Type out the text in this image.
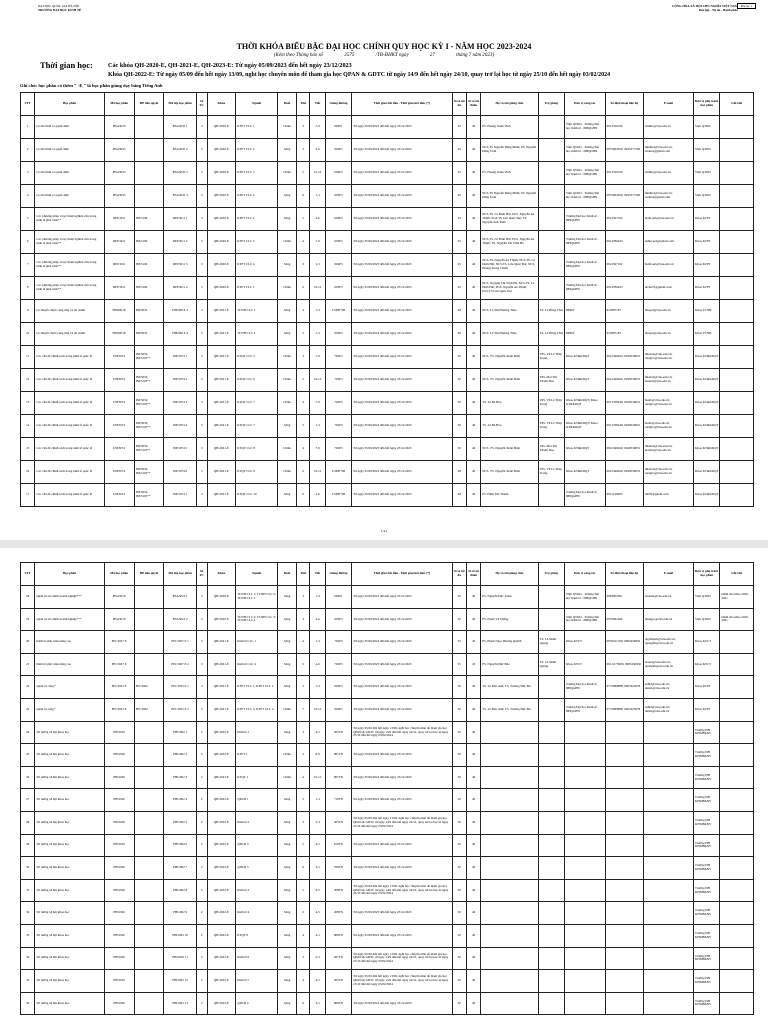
ĐẠI HỌC QUỐC GIA HÀ NỘI
TRƯỜNG ĐẠI HỌC KINH TẾ
CỘNG HÒA XÃ HỘI CHỦ NGHĨA VIỆT NAM
Độc lập - Tự do - Hạnh phúc
Phụ lục 1
THỜI KHÓA BIỂU BẬC ĐẠI HỌC CHÍNH QUY HỌC KỲ I - NĂM HỌC 2023-2024
(Kèm theo Thông báo số	2575	/TB-ĐHKT ngày	27	tháng 7 năm 2023)
Thời gian học: Các khóa QH-2020-E, QH-2021-E, QH-2023-E: Từ ngày 05/09/2023 đến hết ngày 23/12/2023
Khóa QH-2022-E: Từ ngày 05/09 đến hết ngày 13/09, nghỉ học chuyên môn để tham gia học QPAN & GDTC từ ngày 14/9 đến hết ngày 24/10, quay trở lại học từ ngày 25/10 đến hết ngày 03/02/2024
Ghi chú: học phần có thêm " -E " là học phần giảng dạy bằng Tiếng Anh
STT	Học phần	Mã học phần	HP tiên quyết	Mã lớp học phần	Số TC	Khóa	Ngành	Buổi	Thứ	Tiết	Giảng đường	Thời gian bắt đầu - Thời gian kết thúc (*)	Sĩ số tối đa	Sĩ số tối thiểu	Họ và tên giảng viên	Trợ giảng	Đơn vị công tác	Số điện thoại liên hệ	E-mail	Đơn vị phụ trách học phần	Ghi chú
1	Lý mô hình ra quyết định	BSA3035		BSA3035 1	3	QH-2020-E	KTPT CLC 1	Chiều	3	7-9	603E1	Từ ngày 05/09/2023 đến hết ngày 23/12/2023	45	40	PS. Hoàng Xuân Vinh		Viện QTKD - Trường Đại học Kinh tế - ĐHQGHN	0913526190	vinhhx@vnu.edu.vn	Viện QTKD	
2	Lý mô hình ra quyết định	BSA3035		BSA3035 2	3	QH-2020-E	KTPT CLC 2	Sáng	3	4-6	604E5	Từ ngày 05/09/2023 đến hết ngày 23/12/2023	45	40	NCS.TS Nguyễn Đăng Minh; PS. Nguyễn Đăng Toàn		Viện QTKD - Trường Đại học Kinh tế - ĐHQGHN	0975962650; 0945277560	minhnd@vnu.edu.vn; toannd@gmail.com	Viện QTKD	
3	Lý mô hình ra quyết định	BSA3035		BSA3035 3	3	QH-2020-E	KTPT CLC 3	Chiều	5	10-12	604E5	Từ ngày 05/09/2023 đến hết ngày 23/12/2023	45	40	PS. Hoàng Xuân Vinh		Viện QTKD - Trường Đại học Kinh tế - ĐHQGHN	0913526190	vinhhx@vnu.edu.vn	Viện QTKD	
4	Lý mô hình ra quyết định	BSA3035		BSA3035 4	3	QH-2020-E	KTPT CLC 4	Sáng	6	1-3	603E5	Từ ngày 05/09/2023 đến hết ngày 23/12/2023	45	40	NCS.TS Nguyễn Đăng Minh; PS. Nguyễn Đăng Toàn		Viện QTKD - Trường Đại học Kinh tế - ĐHQGHN	0975962650; 0945277560	minhnd@vnu.edu.vn; toannd@gmail.com	Viện QTKD	
5	Các phương pháp và kỹ thuật nghiên cứu trong kinh tế phát triển**	DEE3011	INE3106	DEE3011 1	3	QH-2020-E	KTPT CLC 2	Sáng	5	4-6	604E5	Từ ngày 05/09/2023 đến hết ngày 23/12/2023	45	40	NCS.TS. Lê Đình Hải; PGS. Nguyễn An Thịnh; PGS.TS Lưu Quốc Đạt; TS. Nguyễn Anh Tuấn		Trường Đại học Kinh tế - ĐHQGHN	0912567102	haild.ueb@vnu.edu.vn	Khoa KTPT	
6	Các phương pháp và kỹ thuật nghiên cứu trong kinh tế phát triển**	DEE3011	INE3106	DEE3011 2	3	QH-2020-E	KTPT CLC 3	Chiều	4	7-9	603E5	Từ ngày 05/09/2023 đến hết ngày 23/12/2023	45	40	NCS.TS. Lê Đình Hải; PGS. Nguyễn An Thịnh; TS. Nguyễn Thị Vĩnh Hà		Trường Đại học Kinh tế - ĐHQGHN	0914786423	anhnt.ueb@gmail.com	Khoa KTPT	
7	Các phương pháp và kỹ thuật nghiên cứu trong kinh tế phát triển**	DEE3011	INE3106	DEE3011 3	3	QH-2020-E	KTPT CLC 4	Sáng	3	1-3	604E5	Từ ngày 05/09/2023 đến hết ngày 23/12/2023	45	40	NCS.TS. Nguyễn An Thịnh; NCS.TS. Lê Đình Hải; NCS.TS. Lưu Quốc Đạt; NCS. Hoàng Trung Chính		Trường Đại học Kinh tế - ĐHQGHN	0912567102	haild.ueb@vnu.edu.vn	Khoa KTPT	
8	Các phương pháp và kỹ thuật nghiên cứu trong kinh tế phát triển**	DEE3011	INE3106	DEE3011 4	3	QH-2020-E	KTPT CLC 1	Chiều	6	10-12	603E5	Từ ngày 05/09/2023 đến hết ngày 23/12/2023	45	40	NCS. Nguyễn Thị Vĩnh Hà; NCS.TS. Lê Đình Hải; PGS. Nguyễn An Thịnh; PGS.TS Lưu Quốc Đạt		Trường Đại học Kinh tế - ĐHQGHN	0914786423	ntvha79@gmail.com	Khoa KTPT	
9	Lý thuyết chuỗi cung ứng và tài chính	FIB2001E	INE3053	FIB2001E 3	3	QH-2021-E	TCNH CLC 3	Sáng	4	1-3	CSMF708	Từ ngày 05/09/2023 đến hết ngày 23/12/2023	48	40	NCS. Lê Thị Phương Thảo	TS. Lê Hồng Thái	ĐHKT	912887187	thaoptl@vnu.edu.vn	Khoa TCNH	
10	Lý thuyết chuỗi cung ứng và tài chính	FIB2001E	INE3053	FIB2001E 4	3	QH-2021-E	TCNH CLC 4	Sáng	5	1-3	603E5	Từ ngày 05/09/2023 đến hết ngày 23/12/2023	48	40	NCS. Lê Thị Phương Thảo	TS. Lê Hồng Thái	ĐHKT	912887187	thaoptl@vnu.edu.vn	Khoa TCNH	
11	Các vấn đề chính sách trong kinh tế quốc tế	INE3074	INE3052; INE3103**	INE3074 1	3	QH-2021-E	KTQT CLC 5	Chiều	3	7-9	702E5	Từ ngày 05/09/2023 đến hết ngày 23/12/2023	50	40	NCS. TS. Nguyễn Xuân Điền	ThS. Vũ Lê Thùy Trang	Khoa KT&KDQT	0912346924; 0949536831	thienxd@vnu.edu.vn; tranglvt@vnu.edu.vn	Khoa KT&KDQT	
12	Các vấn đề chính sách trong kinh tế quốc tế	INE3074	INE3052; INE3103**	INE3074 2	3	QH-2021-E	KTQT CLC 6	Chiều	5	10-12	702E5	Từ ngày 05/09/2023 đến hết ngày 23/12/2023	50	40	NCS. TS. Nguyễn Xuân Điền	ThS. Mai Thị Thanh Hoa	Khoa KT&KDQT	0912346924; 0949536831	thienxd@vnu.edu.vn; hoamtt@vnu.edu.vn	Khoa KT&KDQT	
13	Các vấn đề chính sách trong kinh tế quốc tế	INE3074	INE3052; INE3103**	INE3074 3	3	QH-2021-E	KTQT CLC 7	Chiều	4	7-9	702E5	Từ ngày 05/09/2023 đến hết ngày 23/12/2023	50	40	TS. Lê Bá Hòa	ThS. Vũ Lê Thùy Trang	Khoa KT&KDQT; Khoa KT&KDQT	0913338240; 0949536831	hoalb@vnu.edu.vn; tranglvt@vnu.edu.vn	Khoa KT&KDQT	
14	Các vấn đề chính sách trong kinh tế quốc tế	INE3074	INE3052; INE3103**	INE3074 4	3	QH-2021-E	KTQT CLC 7	Sáng	5	1-3	702E5	Từ ngày 05/09/2023 đến hết ngày 23/12/2023	50	40	TS. Lê Bá Hòa	ThS. Vũ Lê Thùy Trang	Khoa KT&KDQT; Khoa KT&KDQT	0913338240; 0949536831	hoalb@vnu.edu.vn; tranglvt@vnu.edu.vn	Khoa KT&KDQT	
15	Các vấn đề chính sách trong kinh tế quốc tế	INE3074	INE3052; INE3103**	INE3074 5	3	QH-2021-E	KTQT CLC 8	Chiều	4	7-9	702E5	Từ ngày 05/09/2023 đến hết ngày 23/12/2023	50	40	NCS. TS. Nguyễn Xuân Điền	ThS. Mai Thị Thanh Hoa	Khoa KT&KDQT	0912346924; 0949536831	thienxd@vnu.edu.vn; hoamtt@vnu.edu.vn	Khoa KT&KDQT	
16	Các vấn đề chính sách trong kinh tế quốc tế	INE3074	INE3052; INE3103**	INE3074 6	3	QH-2021-E	KTQT CLC 9	Chiều	6	10-12	CSMF708	Từ ngày 05/09/2023 đến hết ngày 23/12/2023	48	40	NCS. TS. Nguyễn Xuân Điền	ThS. Vũ Lê Thùy Trang	Khoa KT&KDQT	0912346924; 0949536831	thienxd@vnu.edu.vn; tranglvt@vnu.edu.vn	Khoa KT&KDQT	
17	Các vấn đề chính sách trong kinh tế quốc tế	INE3074	INE3052; INE3103**	INE3074 7	3	QH-2021-E	KTQT CLC 10	Sáng	6	4-6	CSMF708	Từ ngày 05/09/2023 đến hết ngày 23/12/2023	48	40	PS. Đinh Thế Thuận		Trường Đại học Kinh tế - ĐHQGHN	0915148903	ddt59@gmail.com	Khoa KT&KDQT	
1/41
STT	Học phần	Mã học phần	HP tiên quyết	Mã lớp học phần	Số TC	Khóa	Ngành	Buổi	Thứ	Tiết	Giảng đường	Thời gian bắt đầu - Thời gian kết thúc (*)	Sĩ số tối đa	Sĩ số tối thiểu	Họ và tên giảng viên	Trợ giảng	Đơn vị công tác	Số điện thoại liên hệ	E-mail	Đơn vị phụ trách học phần	Ghi chú
18	Quản trị tài chính doanh nghiệp***	BSA3010		BSA3010 1	3	QH-2020-E	TCNH CLC 1; TCNH CLC 2; TCNH CLC 3	Sáng	2	1-3	603E1	Từ ngày 05/09/2023 đến hết ngày 23/12/2023	50	40	PS. Nguyễn Đức Xuân		Viện QTKD - Trường Đại học Kinh tế - ĐHQGHN	0983822991	xuannd@vnu.edu.vn	Viện QTKD	Dành cho khóa 2020, 2021
19	Quản trị tài chính doanh nghiệp***	BSA3010		BSA3010 2	3	QH-2020-E	TCNH CLC 2; TCNH CLC 3; TCNH CLC 4	Sáng	3	4-6	603E5	Từ ngày 05/09/2023 đến hết ngày 23/12/2023	50	40	PS. Phạm Vũ Thắng		Viện QTKD - Trường Đại học Kinh tế - ĐHQGHN	0979991666	thangpv@vnu.edu.vn	Viện QTKD	Dành cho khóa 2020, 2021
20	Kinh tế phát triển nâng cao	PEC3027 E		PEC3027 E 1	3	QH-2021-E	Kinh tế CLC 1	Sáng	4	1-3	702E5	Từ ngày 05/09/2023 đến hết ngày 23/12/2023	55	45	PS. Phạm Ngọc Hương Quỳnh	TS. Lê Minh Quang	Khoa KTCT	0979161760; 0983456850	quynhpnh@vnu.edu.vn; quanglm@vnu.edu.vn	Khoa KTCT	
21	Kinh tế phát triển nâng cao	PEC3027 E		PEC3027 E 2	3	QH-2021-E	Kinh tế CLC 2	Sáng	5	4-6	702E5	Từ ngày 05/09/2023 đến hết ngày 23/12/2023	55	45	PS. Nguyễn Đức Bảo	TS. Lê Minh Quang	Khoa KTCT	091.6173906; 0983456850	baond@vnu.edu.vn; quanglm@vnu.edu.vn	Khoa KTCT	
22	Quản trị công*	PEC3023 E	PEC3002	PEC3023 E 1	3	QH-2021-E	KTPT CLC 1; KTPT CLC 2	Sáng	2	1-3	603E5	Từ ngày 05/09/2023 đến hết ngày 23/12/2023	50	40	TS. Lê Đức Anh; TS. Trương Đức Đu		Trường Đại học Kinh tế - ĐHQGHN	0772688888; 0965423678	anhld@vnu.edu.vn; duutd@vnu.edu.vn	Khoa KTPT	
23	Quản trị công*	PEC3023 E	PEC3002	PEC3023 E 2	3	QH-2021-E	KTPT CLC 3; KTPT CLC 4	Chiều	7	10-12	604E5	Từ ngày 05/09/2023 đến hết ngày 23/12/2023	50	40	TS. Lê Đức Anh; TS. Trương Đức Đu		Trường Đại học Kinh tế - ĐHQGHN	0772688888; 0965423678	anhld@vnu.edu.vn; duutd@vnu.edu.vn	Khoa KTPT	
24	Tư tưởng xã hội khoa học	PHI1002		PHI1002 1	2	QH-2022-E	Kinh tế 1	Sáng	3	4-5	205TN	Từ ngày 05/09 đến hết ngày 13/09, nghỉ học chuyên môn để tham gia học QPAN & GDTC từ ngày 14/9 đến hết ngày 24/10, quay trở lại học từ ngày 25/10 đến hết ngày 03/02/2024	50	40						Trường ĐH KHXH&NV	
25	Tư tưởng xã hội khoa học	PHI1002		PHI1002 2	2	QH-2022-E	KTPT 1	Chiều	2	8-9	801TN	Từ ngày 05/09/2023 đến hết ngày 23/12/2023	50	40						Trường ĐH KHXH&NV	
26	Tư tưởng xã hội khoa học	PHI1002		PHI1002 3	2	QH-2023-E	KTQT 1	Chiều	4	10-11	807TN	Từ ngày 05/09/2023 đến hết ngày 23/12/2023	50	40						Trường ĐH KHXH&NV	
27	Tư tưởng xã hội khoa học	PHI1002		PHI1002 4	2	QH-2022-E	QTKD 1	Sáng	5	1-3	710TN	Từ ngày 05/09/2023 đến hết ngày 23/12/2023	50	40						Trường ĐH KHXH&NV	
28	Tư tưởng xã hội khoa học	PHI1002		PHI1002 5	2	QH-2022-E	Kinh tế 5	Sáng	3	2-3	205TN	Từ ngày 05/09 đến hết ngày 13/09, nghỉ học chuyên môn để tham gia học QPAN & GDTC từ ngày 14/9 đến hết ngày 24/10, quay trở lại học từ ngày 25/10 đến hết ngày 03/02/2024	50	40						Trường ĐH KHXH&NV	
29	Tư tưởng xã hội khoa học	PHI1002		PHI1002 6	2	QH-2022-E	QTKD 3	Sáng	5	4-5	810TN	Từ ngày 05/09/2023 đến hết ngày 23/12/2023	50	40						Trường ĐH KHXH&NV	
30	Tư tưởng xã hội khoa học	PHI1002		PHI1002 7	2	QH-2022-E	QTKD 3	Sáng	6	4-5	709TN	Từ ngày 05/09/2023 đến hết ngày 23/12/2023	50	40						Trường ĐH KHXH&NV	
31	Tư tưởng xã hội khoa học	PHI1002		PHI1002 8	2	QH-2022-E	Kinh tế 3	Sáng	5	4-5	208TN	Từ ngày 05/09 đến hết ngày 13/09, nghỉ học chuyên môn để tham gia học QPAN & GDTC từ ngày 14/9 đến hết ngày 24/10, quay trở lại học từ ngày 25/10 đến hết ngày 03/02/2024	50	40						Trường ĐH KHXH&NV	
32	Tư tưởng xã hội khoa học	PHI1002		PHI1002 9	2	QH-2022-E	Kinh tế 4	Sáng	2	4-5	208TN	Từ ngày 05/09/2023 đến hết ngày 23/12/2023	50	40						Trường ĐH KHXH&NV	
33	Tư tưởng xã hội khoa học	PHI1002		PHI1002 10	2	QH-2022-E	KTQT 8	Sáng	4	4-5	808TN	Từ ngày 05/09/2023 đến hết ngày 23/12/2023	50	40						Trường ĐH KHXH&NV	
34	Tư tưởng xã hội khoa học	PHI1002		PHI1002 11	2	QH-2022-E	Kinh tế 6	Sáng	3	2-3	207TN	Từ ngày 05/09 đến hết ngày 13/09, nghỉ học chuyên môn để tham gia học QPAN & GDTC từ ngày 14/9 đến hết ngày 24/10, quay trở lại học từ ngày 25/10 đến hết ngày 03/02/2024	50	40						Trường ĐH KHXH&NV	
35	Tư tưởng xã hội khoa học	PHI1002		PHI1002 12	2	QH-2022-E	Kinh tế 7	Sáng	4	4-5	205TN	Từ ngày 05/09 đến hết ngày 13/09, nghỉ học chuyên môn để tham gia học QPAN & GDTC từ ngày 14/9 đến hết ngày 24/10, quay trở lại học từ ngày 25/10 đến hết ngày 03/02/2024	50	40						Trường ĐH KHXH&NV	
36	Tư tưởng xã hội khoa học	PHI1002		PHI1002 13	2	QH-2022-E	QTKD 4	Sáng	6	4-5	809TN	Từ ngày 05/09/2023 đến hết ngày 23/12/2023	50	40						Trường ĐH KHXH&NV	
